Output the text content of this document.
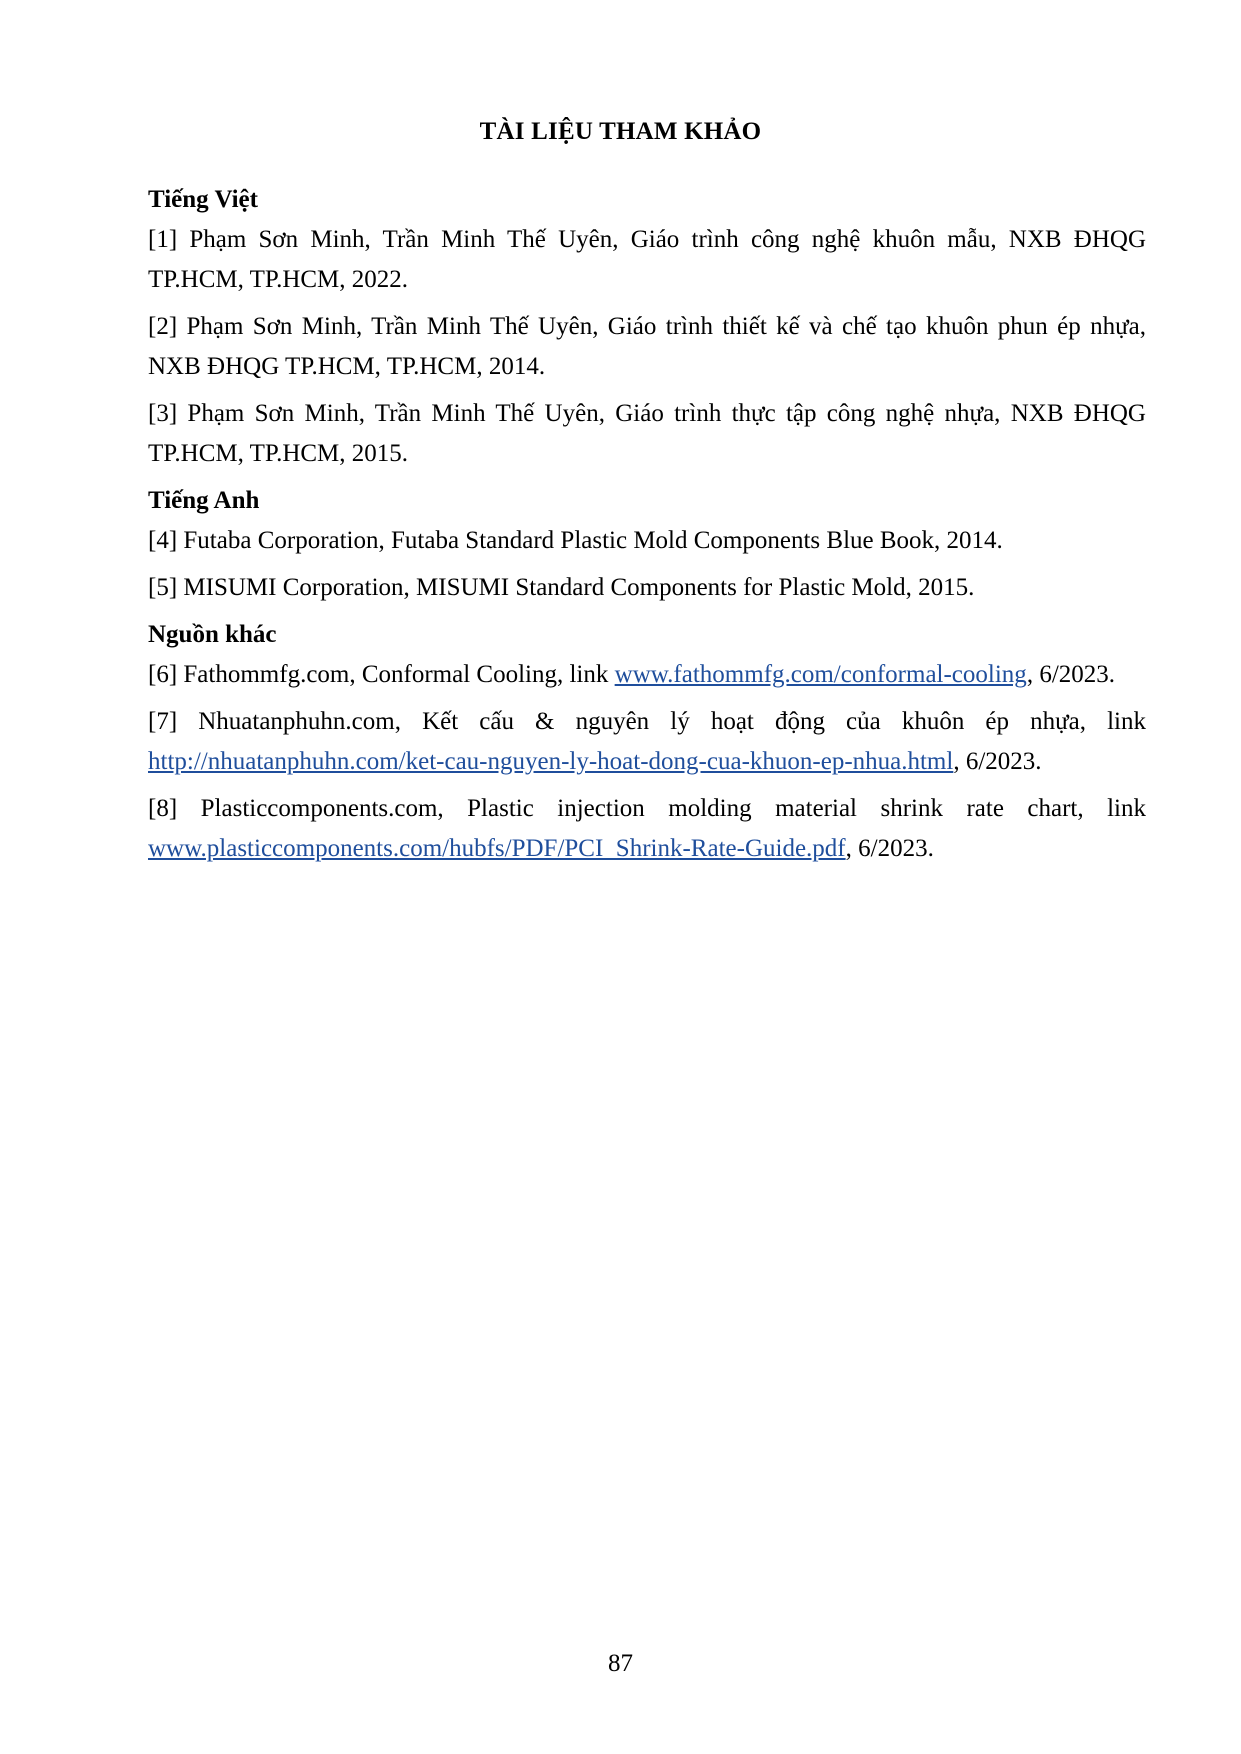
TÀI LIỆU THAM KHẢO

Tiếng Việt

[1] Phạm Sơn Minh, Trần Minh Thế Uyên, Giáo trình công nghệ khuôn mẫu, NXB ĐHQG TP.HCM, TP.HCM, 2022.

[2] Phạm Sơn Minh, Trần Minh Thế Uyên, Giáo trình thiết kế và chế tạo khuôn phun ép nhựa, NXB ĐHQG TP.HCM, TP.HCM, 2014.

[3] Phạm Sơn Minh, Trần Minh Thế Uyên, Giáo trình thực tập công nghệ nhựa, NXB ĐHQG TP.HCM, TP.HCM, 2015.

Tiếng Anh

[4] Futaba Corporation, Futaba Standard Plastic Mold Components Blue Book, 2014.

[5] MISUMI Corporation, MISUMI Standard Components for Plastic Mold, 2015.

Nguồn khác

[6] Fathommfg.com, Conformal Cooling, link www.fathommfg.com/conformal-cooling, 6/2023.

[7] Nhuatanphuhn.com, Kết cấu & nguyên lý hoạt động của khuôn ép nhựa, link http://nhuatanphuhn.com/ket-cau-nguyen-ly-hoat-dong-cua-khuon-ep-nhua.html, 6/2023.

[8] Plasticcomponents.com, Plastic injection molding material shrink rate chart, link www.plasticcomponents.com/hubfs/PDF/PCI_Shrink-Rate-Guide.pdf, 6/2023.

87
